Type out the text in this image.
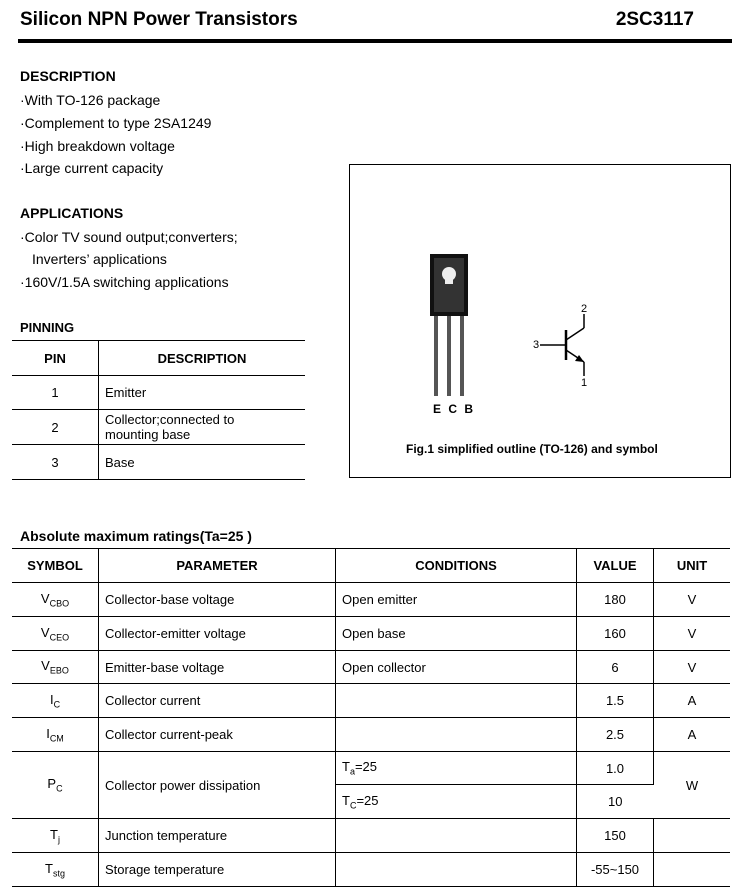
Silicon NPN Power Transistors	2SC3117
DESCRIPTION
·With TO-126 package
·Complement to type 2SA1249
·High breakdown voltage
·Large current capacity
APPLICATIONS
·Color TV sound output;converters;
Inverters’ applications
·160V/1.5A switching applications
PINNING
PIN	DESCRIPTION
1	Emitter
2	Collector;connected to mounting base
3	Base
E C B
2
3
1
Fig.1 simplified outline (TO-126) and symbol
Absolute maximum ratings(Ta=25 )
SYMBOL	PARAMETER	CONDITIONS	VALUE	UNIT
$V_{CBO}$	Collector-base voltage	Open emitter	180	V
$V_{CEO}$	Collector-emitter voltage	Open base	160	V
$V_{EBO}$	Emitter-base voltage	Open collector	6	V
$I_C$	Collector current		1.5	A
$I_{CM}$	Collector current-peak		2.5	A
$P_C$	Collector power dissipation	$T_a=25$	1.0	W
		$T_C=25$	10	
$T_j$	Junction temperature		150	
$T_{stg}$	Storage temperature		-55~150	
